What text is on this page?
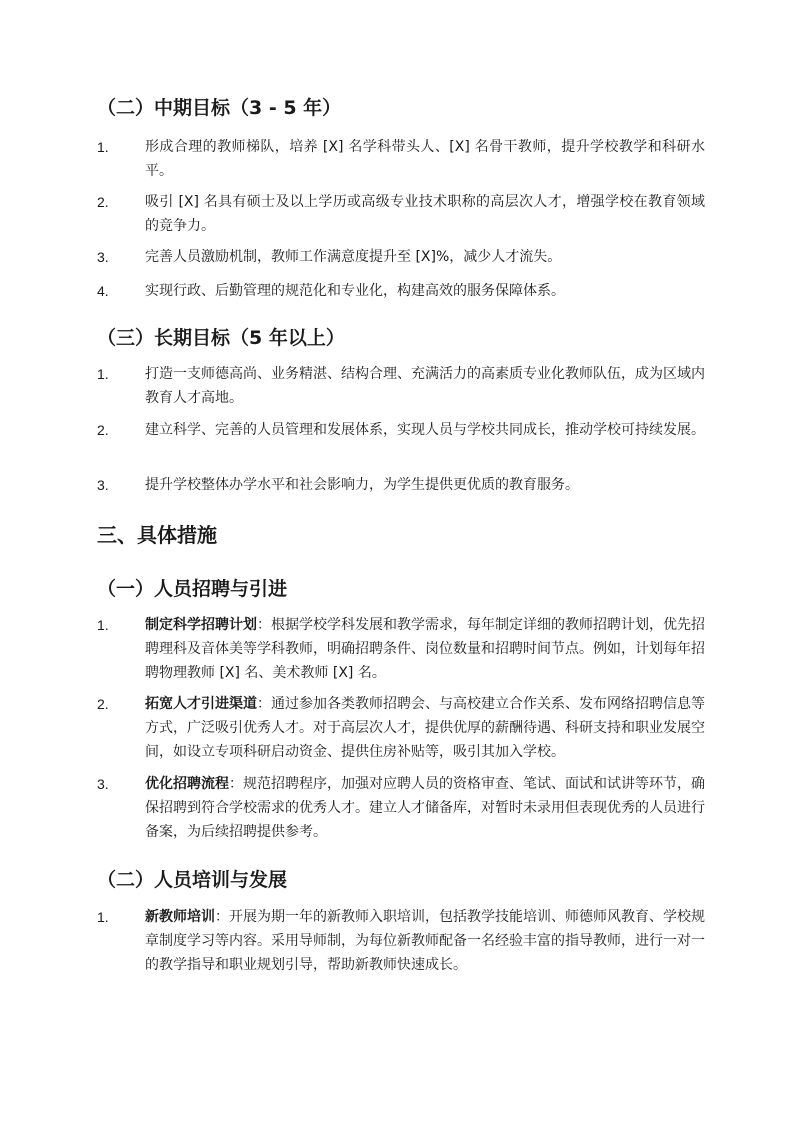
（二）中期目标（3 - 5 年）
1.	形成合理的教师梯队，培养 [X] 名学科带头人、[X] 名骨干教师，提升学校教学和科研水平。
2.	吸引 [X] 名具有硕士及以上学历或高级专业技术职称的高层次人才，增强学校在教育领域的竞争力。
3.	完善人员激励机制，教师工作满意度提升至 [X]%，减少人才流失。
4.	实现行政、后勤管理的规范化和专业化，构建高效的服务保障体系。
（三）长期目标（5 年以上）
1.	打造一支师德高尚、业务精湛、结构合理、充满活力的高素质专业化教师队伍，成为区域内教育人才高地。
2.	建立科学、完善的人员管理和发展体系，实现人员与学校共同成长，推动学校可持续发展。
3.	提升学校整体办学水平和社会影响力，为学生提供更优质的教育服务。
三、具体措施
（一）人员招聘与引进
1.	制定科学招聘计划：根据学校学科发展和教学需求，每年制定详细的教师招聘计划，优先招聘理科及音体美等学科教师，明确招聘条件、岗位数量和招聘时间节点。例如，计划每年招聘物理教师 [X] 名、美术教师 [X] 名。
2.	拓宽人才引进渠道：通过参加各类教师招聘会、与高校建立合作关系、发布网络招聘信息等方式，广泛吸引优秀人才。对于高层次人才，提供优厚的薪酬待遇、科研支持和职业发展空间，如设立专项科研启动资金、提供住房补贴等，吸引其加入学校。
3.	优化招聘流程：规范招聘程序，加强对应聘人员的资格审查、笔试、面试和试讲等环节，确保招聘到符合学校需求的优秀人才。建立人才储备库，对暂时未录用但表现优秀的人员进行备案，为后续招聘提供参考。
（二）人员培训与发展
1.	新教师培训：开展为期一年的新教师入职培训，包括教学技能培训、师德师风教育、学校规章制度学习等内容。采用导师制，为每位新教师配备一名经验丰富的指导教师，进行一对一的教学指导和职业规划引导，帮助新教师快速成长。
